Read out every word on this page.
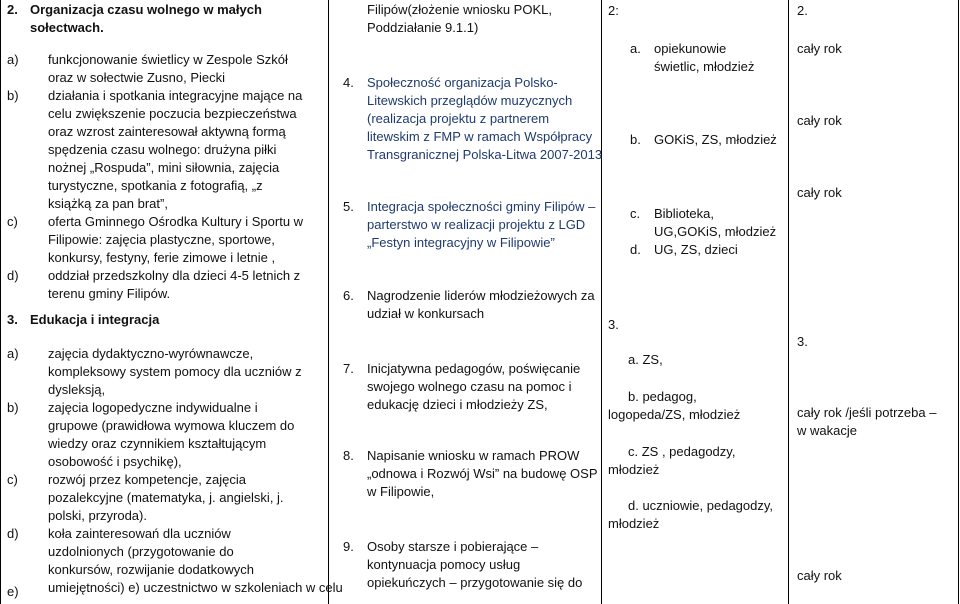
2. Organizacja czasu wolnego w małych
sołectwach.
a) funkcjonowanie świetlicy w Zespole Szkół
oraz w sołectwie Zusno, Piecki
b) działania i spotkania integracyjne mające na
celu zwiększenie poczucia bezpieczeństwa
oraz wzrost zainteresował aktywną formą
spędzenia czasu wolnego: drużyna piłki
nożnej „Rospuda”, mini siłownia, zajęcia
turystyczne, spotkania z fotografią, „z
książką za pan brat”,
c) oferta Gminnego Ośrodka Kultury i Sportu w
Filipowie: zajęcia plastyczne, sportowe,
konkursy, festyny, ferie zimowe i letnie ,
d) oddział przedszkolny dla dzieci 4-5 letnich z
terenu gminy Filipów.
3. Edukacja i integracja
a) zajęcia dydaktyczno-wyrównawcze,
kompleksowy system pomocy dla uczniów z
dysleksją,
b) zajęcia logopedyczne indywidualne i
grupowe (prawidłowa wymowa kluczem do
wiedzy oraz czynnikiem kształtującym
osobowość i psychikę),
c) rozwój przez kompetencje, zajęcia
pozalekcyjne (matematyka, j. angielski, j.
polski, przyroda).
d) koła zainteresowań dla uczniów
uzdolnionych (przygotowanie do
konkursów, rozwijanie dodatkowych
umiejętności) e) uczestnictwo w szkoleniach w celu
e)
Filipów(złożenie wniosku POKL,
Poddziałanie 9.1.1)
4. Społeczność organizacja Polsko-
Litewskich przeglądów muzycznych
(realizacja projektu z partnerem
litewskim z FMP w ramach Współpracy
Transgranicznej Polska-Litwa 2007-2013
5. Integracja społeczności gminy Filipów –
parterstwo w realizacji projektu z LGD
„Festyn integracyjny w Filipowie”
6. Nagrodzenie liderów młodzieżowych za
udział w konkursach
7. Inicjatywna pedagogów, poświęcanie
swojego wolnego czasu na pomoc i
edukację dzieci i młodzieży ZS,
8. Napisanie wniosku w ramach PROW
„odnowa i Rozwój Wsi” na budowę OSP
w Filipowie,
9. Osoby starsze i pobierające –
kontynuacja pomocy usług
opiekuńczych – przygotowanie się do
2:
a. opiekunowie
świetlic, młodzież
b. GOKiS, ZS, młodzież
c. Biblioteka,
UG,GOKiS, młodzież
d. UG, ZS, dzieci
3.
a. ZS,
b. pedagog,
logopeda/ZS, młodzież
c. ZS , pedagodzy,
młodzież
d. uczniowie, pedagodzy,
młodzież
2.
cały rok
cały rok
cały rok
3.
cały rok /jeśli potrzeba –
w wakacje
cały rok
